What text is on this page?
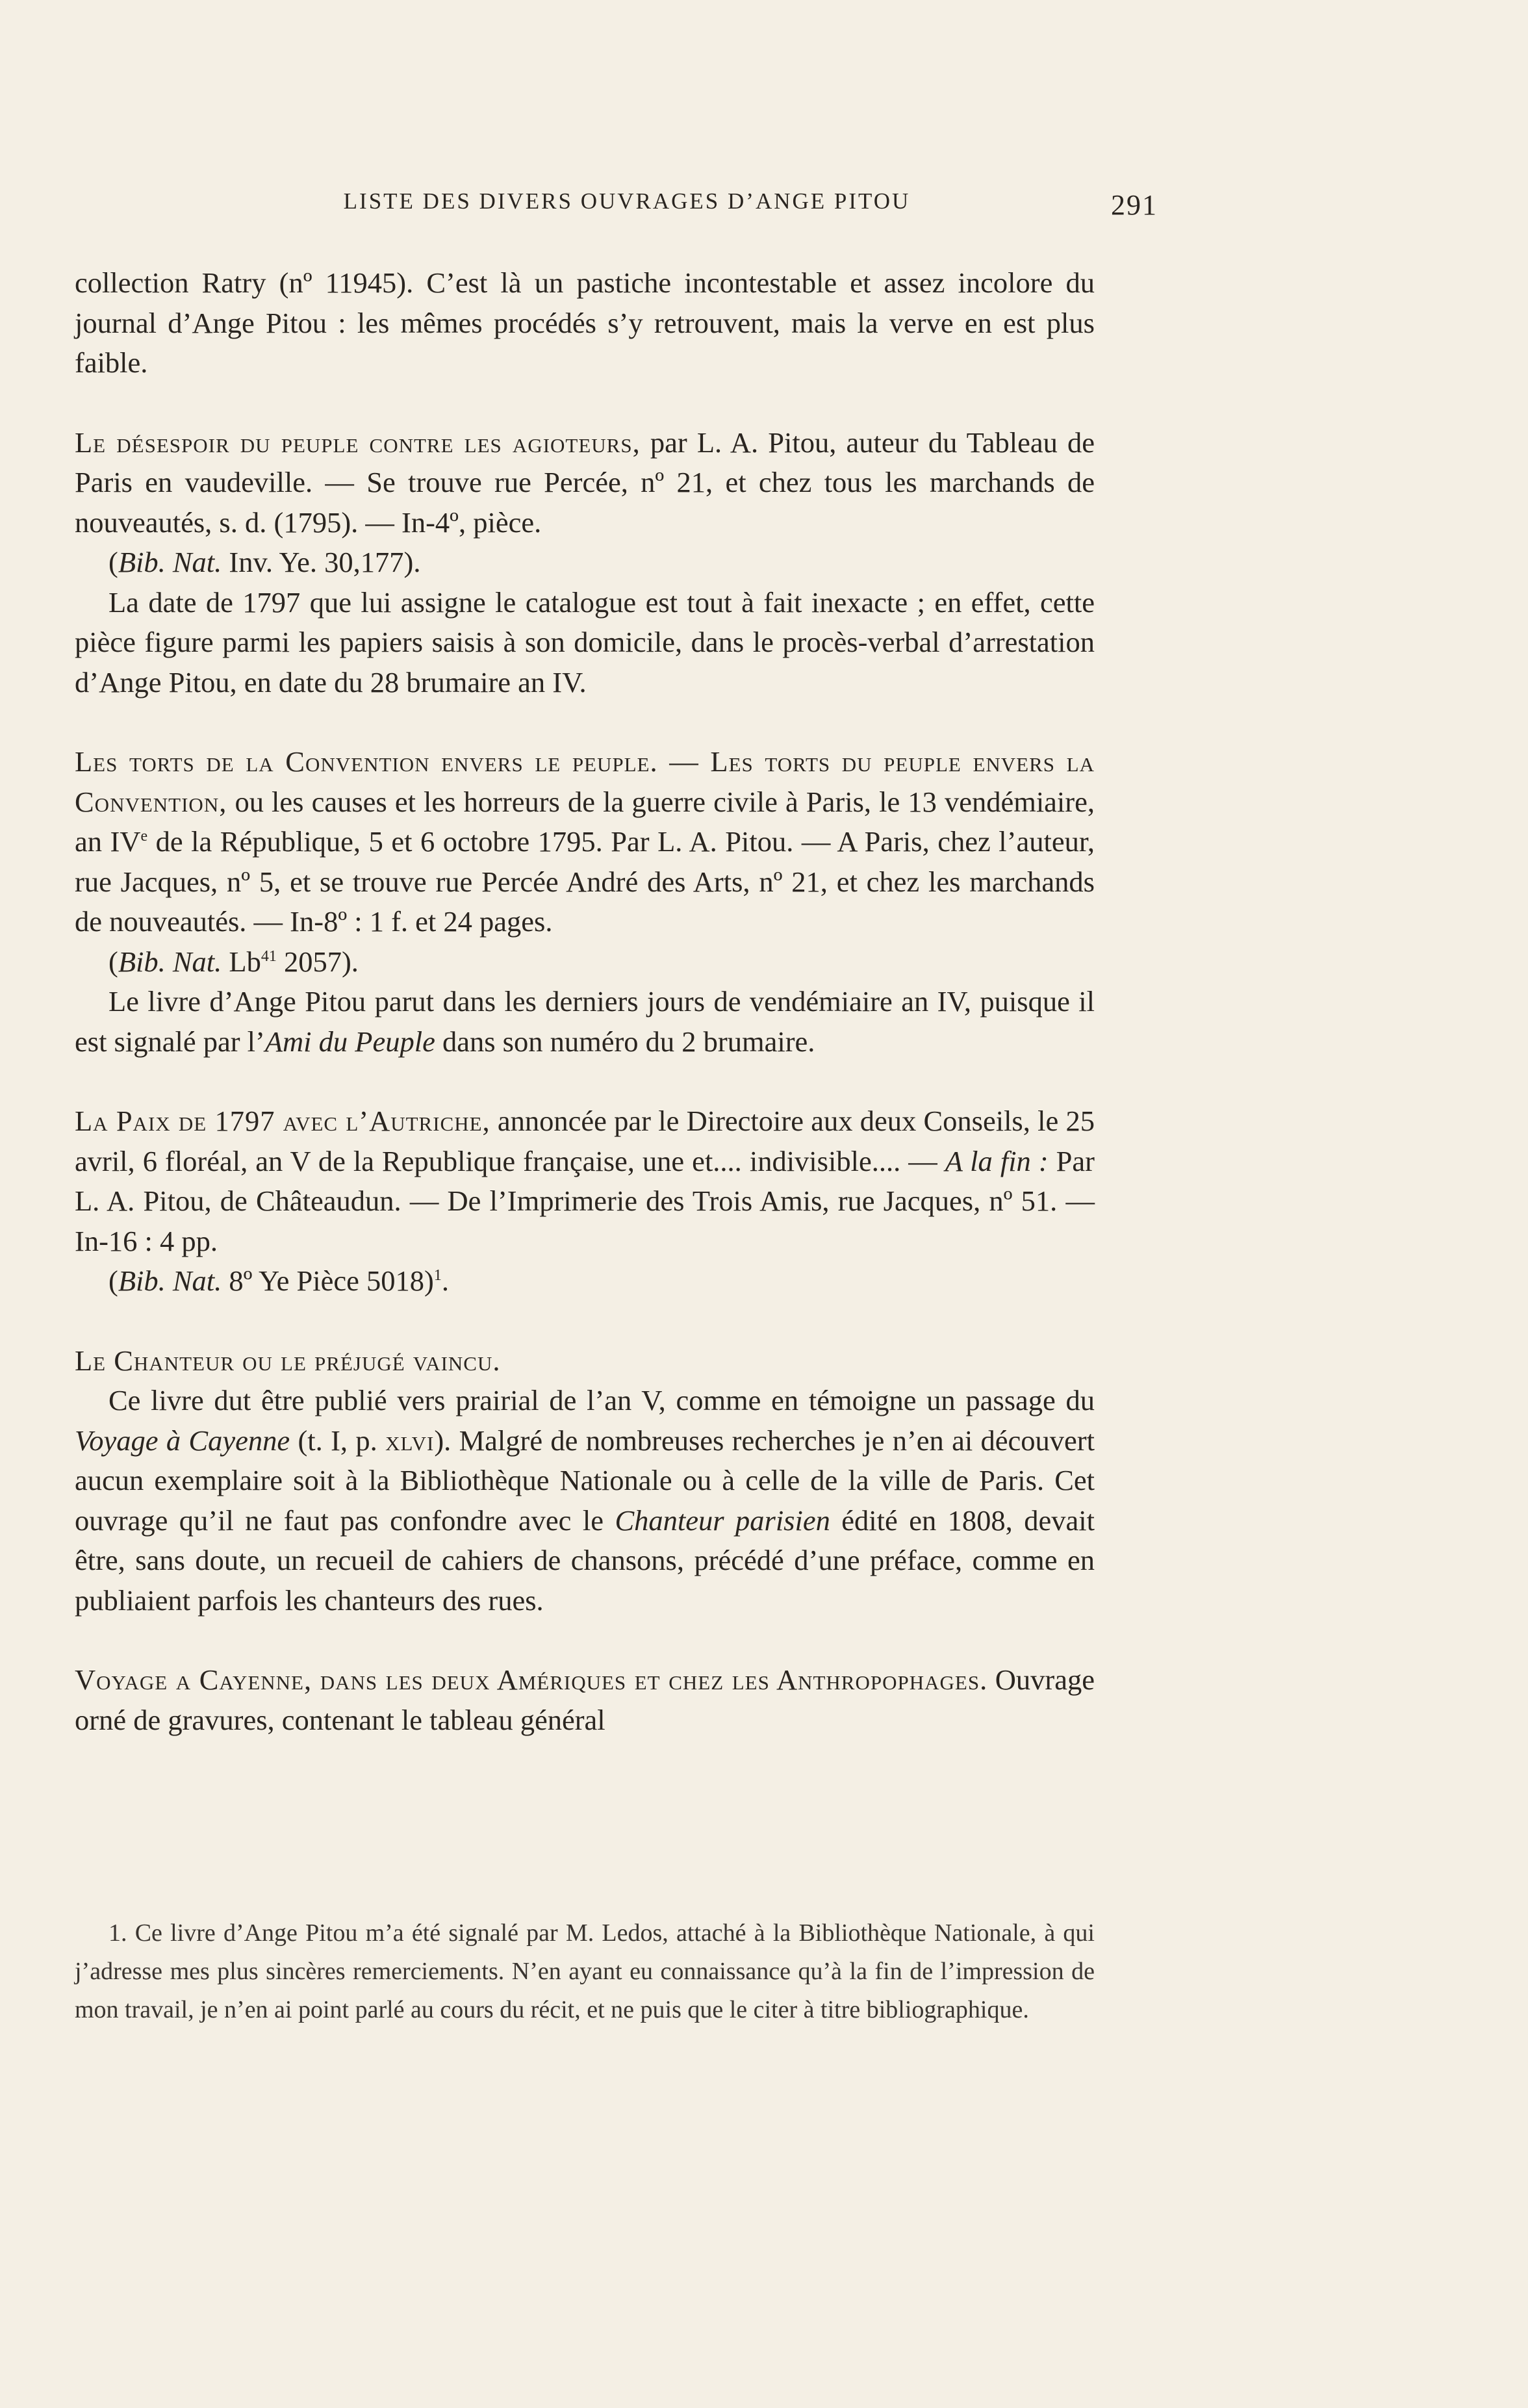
LISTE DES DIVERS OUVRAGES D’ANGE PITOU	291

collection Ratry (nº 11945). C’est là un pastiche incontestable et assez incolore du journal d’Ange Pitou : les mêmes procédés s’y retrouvent, mais la verve en est plus faible.

Le désespoir du peuple contre les agioteurs, par L. A. Pitou, auteur du Tableau de Paris en vaudeville. — Se trouve rue Percée, nº 21, et chez tous les marchands de nouveautés, s. d. (1795). — In-4º, pièce.

(Bib. Nat. Inv. Ye. 30,177).

La date de 1797 que lui assigne le catalogue est tout à fait inexacte ; en effet, cette pièce figure parmi les papiers saisis à son domicile, dans le procès-verbal d’arrestation d’Ange Pitou, en date du 28 brumaire an IV.

Les torts de la Convention envers le peuple. — Les torts du peuple envers la Convention, ou les causes et les horreurs de la guerre civile à Paris, le 13 vendémiaire, an IVe de la République, 5 et 6 octobre 1795. Par L. A. Pitou. — A Paris, chez l’auteur, rue Jacques, nº 5, et se trouve rue Percée André des Arts, nº 21, et chez les marchands de nouveautés. — In-8º : 1 f. et 24 pages.

(Bib. Nat. Lb$^{41}$ 2057).

Le livre d’Ange Pitou parut dans les derniers jours de vendémiaire an IV, puisque il est signalé par l’Ami du Peuple dans son numéro du 2 brumaire.

La Paix de 1797 avec l’Autriche, annoncée par le Directoire aux deux Conseils, le 25 avril, 6 floréal, an V de la Republique française, une et.... indivisible.... — A la fin : Par L. A. Pitou, de Châteaudun. — De l’Imprimerie des Trois Amis, rue Jacques, nº 51. — In-16 : 4 pp.

(Bib. Nat. 8º Ye Pièce 5018)$^1$.

Le Chanteur ou le préjugé vaincu.

Ce livre dut être publié vers prairial de l’an V, comme en témoigne un passage du Voyage à Cayenne (t. I, p. xlvi). Malgré de nombreuses recherches je n’en ai découvert aucun exemplaire soit à la Bibliothèque Nationale ou à celle de la ville de Paris. Cet ouvrage qu’il ne faut pas confondre avec le Chanteur parisien édité en 1808, devait être, sans doute, un recueil de cahiers de chansons, précédé d’une préface, comme en publiaient parfois les chanteurs des rues.

Voyage a Cayenne, dans les deux Amériques et chez les Anthropophages. Ouvrage orné de gravures, contenant le tableau général

1. Ce livre d’Ange Pitou m’a été signalé par M. Ledos, attaché à la Bibliothèque Nationale, à qui j’adresse mes plus sincères remerciements. N’en ayant eu connaissance qu’à la fin de l’impression de mon travail, je n’en ai point parlé au cours du récit, et ne puis que le citer à titre bibliographique.
